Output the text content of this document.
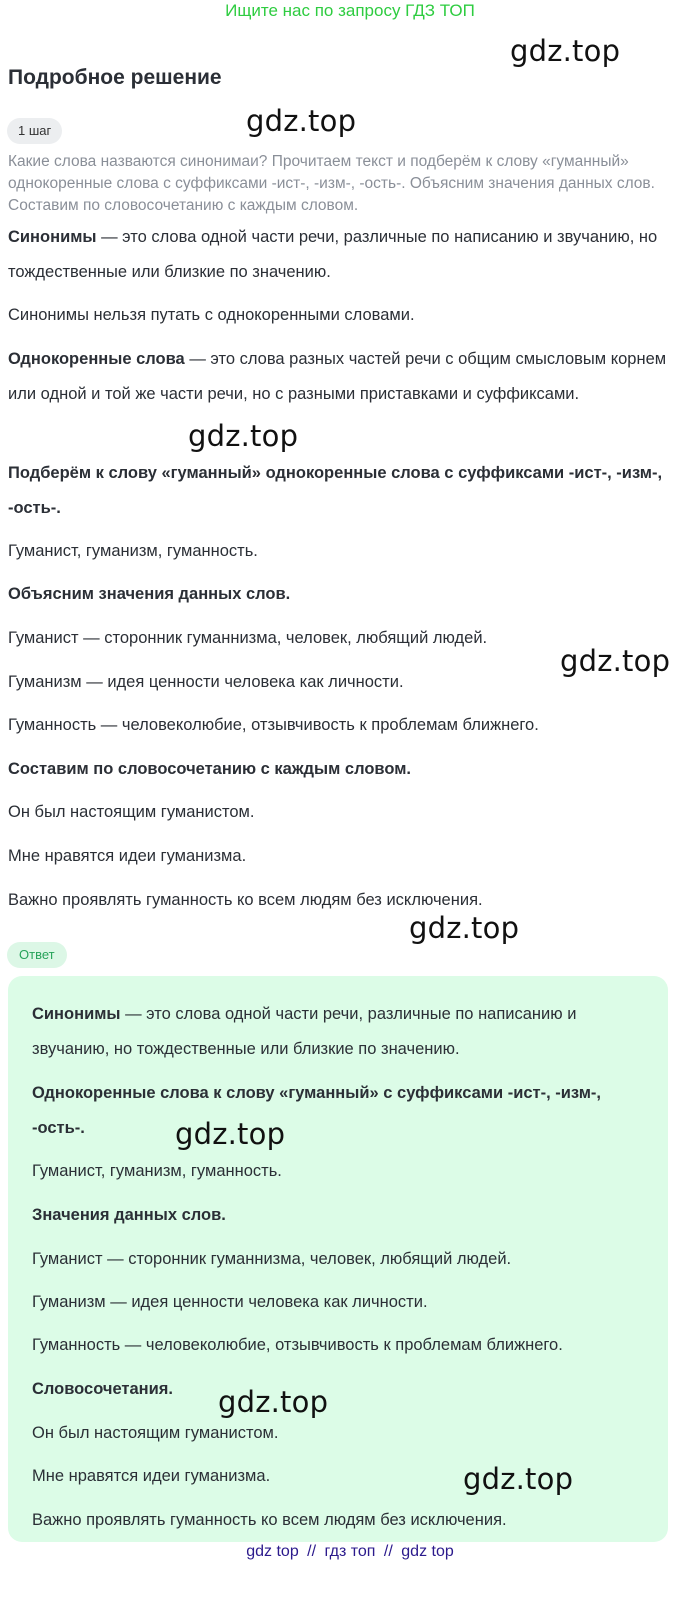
Ищите нас по запросу ГДЗ ТОП
gdz.top
gdz.top
gdz.top
gdz.top
gdz.top
Подробное решение
1 шаг
Какие слова назваются синонимаи? Прочитаем текст и подберём к слову «гуманный» однокоренные слова с суффиксами -ист-, -изм-, -ость-. Объясним значения данных слов. Составим по словосочетанию с каждым словом.
Синонимы — это слова одной части речи, различные по написанию и звучанию, но тождественные или близкие по значению.
Синонимы нельзя путать с однокоренными словами.
Однокоренные слова — это слова разных частей речи с общим смысловым корнем или одной и той же части речи, но с разными приставками и суффиксами.
Подберём к слову «гуманный» однокоренные слова с суффиксами -ист-, -изм-, -ость-.
Гуманист, гуманизм, гуманность.
Объясним значения данных слов.
Гуманист — сторонник гуманнизма, человек, любящий людей.
Гуманизм — идея ценности человека как личности.
Гуманность — человеколюбие, отзывчивость к проблемам ближнего.
Составим по словосочетанию с каждым словом.
Он был настоящим гуманистом.
Мне нравятся идеи гуманизма.
Важно проявлять гуманность ко всем людям без исключения.
Ответ
Синонимы — это слова одной части речи, различные по написанию и звучанию, но тождественные или близкие по значению.
Однокоренные слова к слову «гуманный» с суффиксами -ист-, -изм-, -ость-.
Гуманист, гуманизм, гуманность.
Значения данных слов.
Гуманист — сторонник гуманнизма, человек, любящий людей.
Гуманизм — идея ценности человека как личности.
Гуманность — человеколюбие, отзывчивость к проблемам ближнего.
Словосочетания.
Он был настоящим гуманистом.
Мне нравятся идеи гуманизма.
Важно проявлять гуманность ко всем людям без исключения.
gdz.top
gdz.top
gdz.top
gdz top // гдз топ // gdz top
